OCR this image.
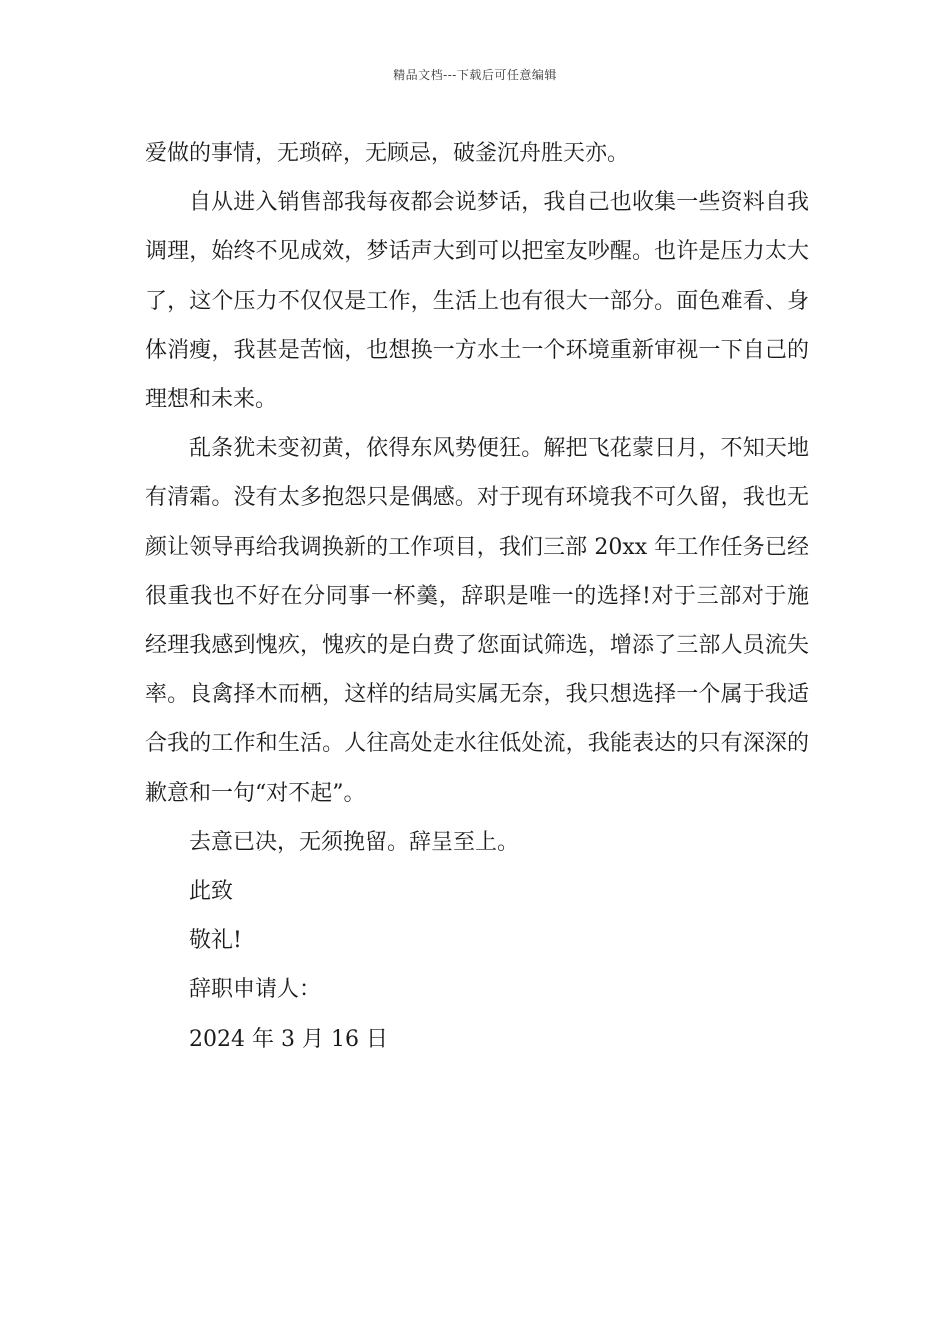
精品文档---下载后可任意编辑

爱做的事情，无琐碎，无顾忌，破釜沉舟胜天亦。

自从进入销售部我每夜都会说梦话，我自己也收集一些资料自我调理，始终不见成效，梦话声大到可以把室友吵醒。也许是压力太大了，这个压力不仅仅是工作，生活上也有很大一部分。面色难看、身体消瘦，我甚是苦恼，也想换一方水土一个环境重新审视一下自己的理想和未来。

乱条犹未变初黄，依得东风势便狂。解把飞花蒙日月，不知天地有清霜。没有太多抱怨只是偶感。对于现有环境我不可久留，我也无颜让领导再给我调换新的工作项目，我们三部 20xx 年工作任务已经很重我也不好在分同事一杯羹，辞职是唯一的选择!对于三部对于施经理我感到愧疚，愧疚的是白费了您面试筛选，增添了三部人员流失率。良禽择木而栖，这样的结局实属无奈，我只想选择一个属于我适合我的工作和生活。人往高处走水往低处流，我能表达的只有深深的歉意和一句“对不起”。

去意已决，无须挽留。辞呈至上。

此致

敬礼!

辞职申请人：

2024 年 3 月 16 日
